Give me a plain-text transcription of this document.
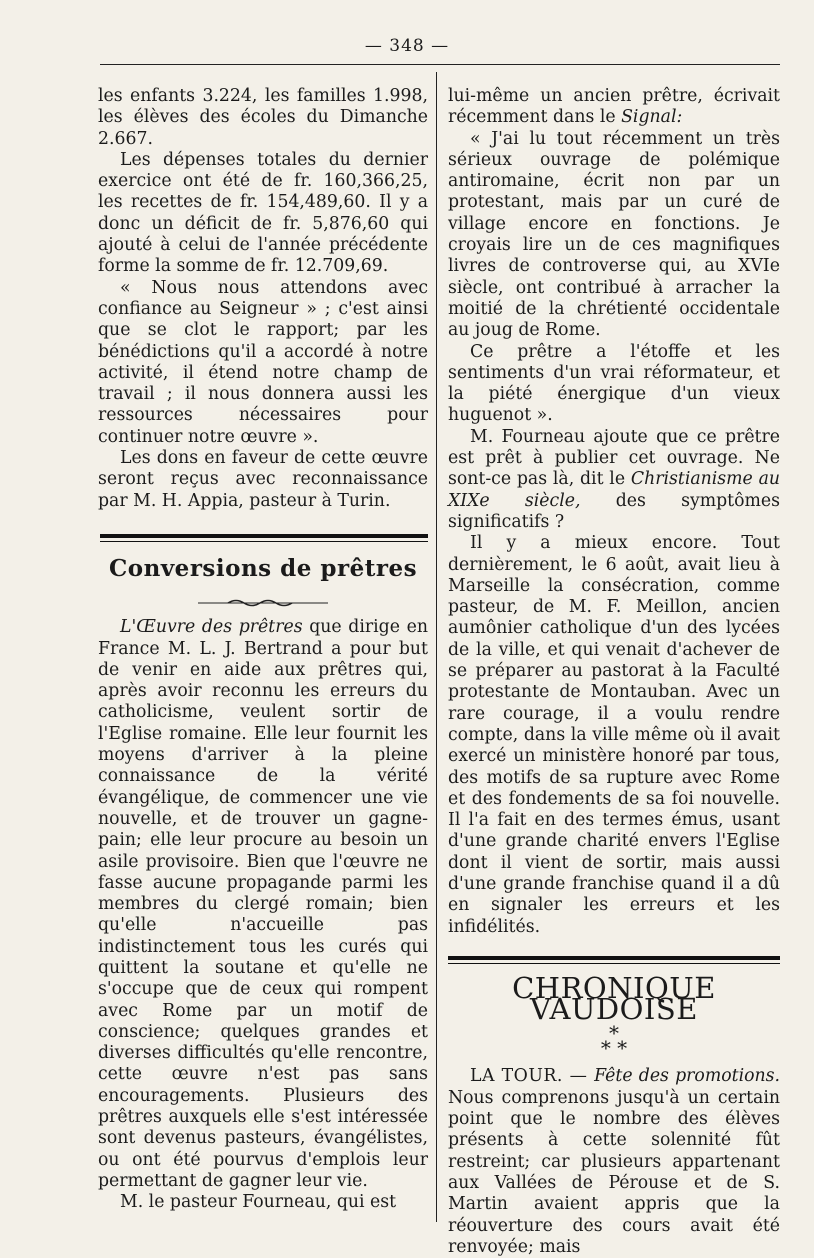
— 348 —

les enfants 3.224, les familles 1.998, les élèves des écoles du Dimanche 2.667.

Les dépenses totales du dernier exercice ont été de fr. 160,366,25, les recettes de fr. 154,489,60. Il y a donc un déficit de fr. 5,876,60 qui ajouté à celui de l'année précédente forme la somme de fr. 12.709,69.

« Nous nous attendons avec confiance au Seigneur » ; c'est ainsi que se clot le rapport; par les bénédictions qu'il a accordé à notre activité, il étend notre champ de travail ; il nous donnera aussi les ressources nécessaires pour continuer notre œuvre ».

Les dons en faveur de cette œuvre seront reçus avec reconnaissance par M. H. Appia, pasteur à Turin.

Conversions de prêtres

L'Œuvre des prêtres que dirige en France M. L. J. Bertrand a pour but de venir en aide aux prêtres qui, après avoir reconnu les erreurs du catholicisme, veulent sortir de l'Eglise romaine. Elle leur fournit les moyens d'arriver à la pleine connaissance de la vérité évangélique, de commencer une vie nouvelle, et de trouver un gagne-pain; elle leur procure au besoin un asile provisoire. Bien que l'œuvre ne fasse aucune propagande parmi les membres du clergé romain; bien qu'elle n'accueille pas indistinctement tous les curés qui quittent la soutane et qu'elle ne s'occupe que de ceux qui rompent avec Rome par un motif de conscience; quelques grandes et diverses difficultés qu'elle rencontre, cette œuvre n'est pas sans encouragements. Plusieurs des prêtres auxquels elle s'est intéressée sont devenus pasteurs, évangélistes, ou ont été pourvus d'emplois leur permettant de gagner leur vie.

M. le pasteur Fourneau, qui est

lui-même un ancien prêtre, écrivait récemment dans le Signal:

« J'ai lu tout récemment un très sérieux ouvrage de polémique antiromaine, écrit non par un protestant, mais par un curé de village encore en fonctions. Je croyais lire un de ces magnifiques livres de controverse qui, au XVIe siècle, ont contribué à arracher la moitié de la chrétienté occidentale au joug de Rome.

Ce prêtre a l'étoffe et les sentiments d'un vrai réformateur, et la piété énergique d'un vieux huguenot ».

M. Fourneau ajoute que ce prêtre est prêt à publier cet ouvrage. Ne sont-ce pas là, dit le Christianisme au XIXe siècle, des symptômes significatifs ?

Il y a mieux encore. Tout dernièrement, le 6 août, avait lieu à Marseille la consécration, comme pasteur, de M. F. Meillon, ancien aumônier catholique d'un des lycées de la ville, et qui venait d'achever de se préparer au pastorat à la Faculté protestante de Montauban. Avec un rare courage, il a voulu rendre compte, dans la ville même où il avait exercé un ministère honoré par tous, des motifs de sa rupture avec Rome et des fondements de sa foi nouvelle. Il l'a fait en des termes émus, usant d'une grande charité envers l'Eglise dont il vient de sortir, mais aussi d'une grande franchise quand il a dû en signaler les erreurs et les infidélités.

CHRONIQUE VAUDOISE
*
* *

LA TOUR. — Fête des promotions. Nous comprenons jusqu'à un certain point que le nombre des élèves présents à cette solennité fût restreint; car plusieurs appartenant aux Vallées de Pérouse et de S. Martin avaient appris que la réouverture des cours avait été renvoyée; mais
